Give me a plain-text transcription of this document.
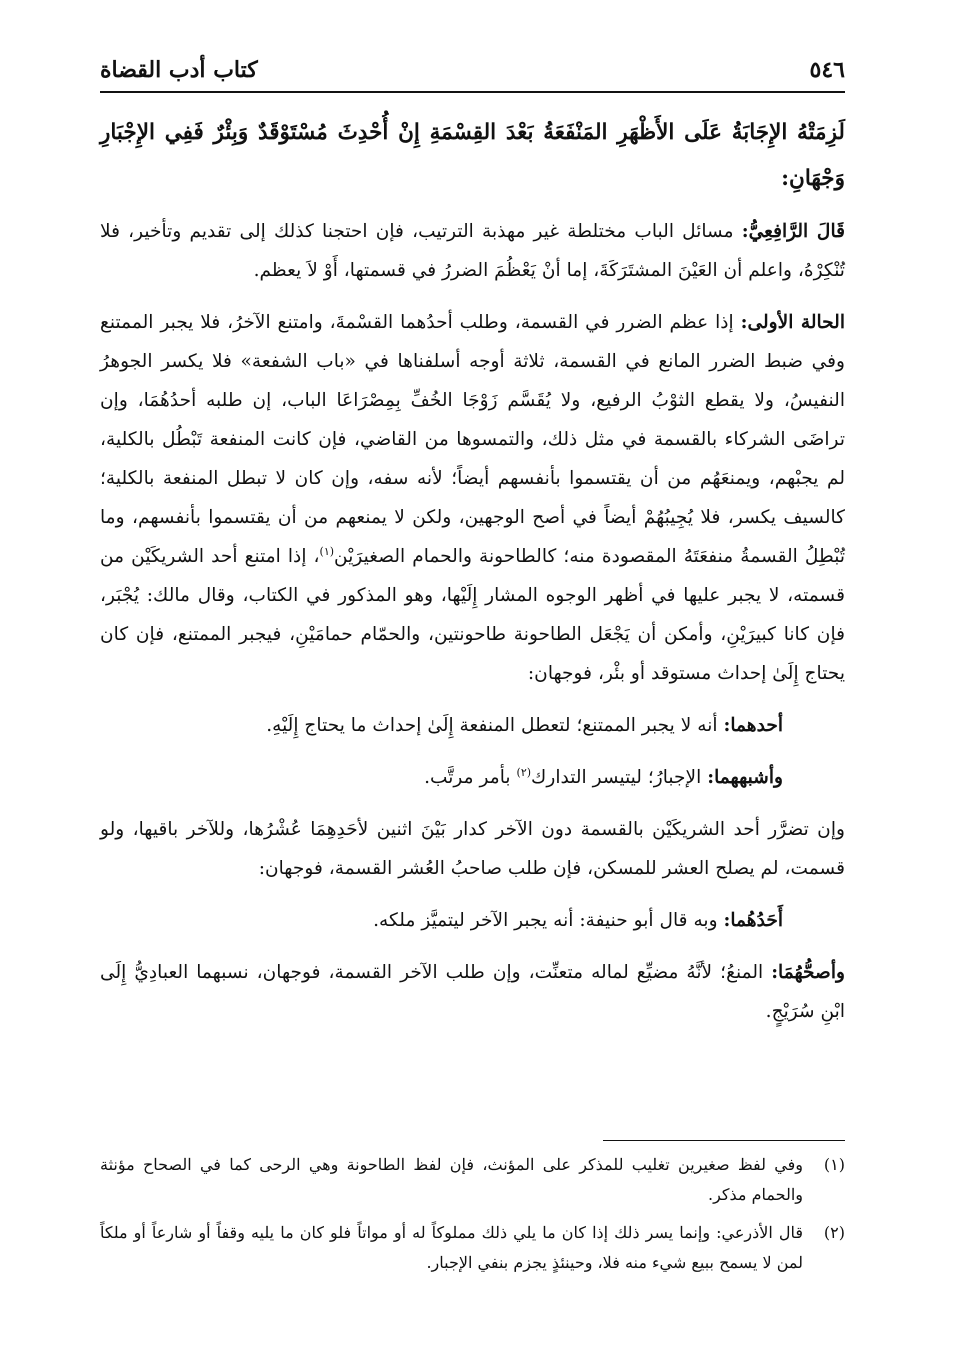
٥٤٦
كتاب أدب القضاة

لَزِمَتْهُ الإِجَابَةُ عَلَى الأَظْهَرِ المَنْفَعَةُ بَعْدَ القِسْمَةِ إِنْ أُحْدِثَ مُسْتَوْقَدٌ وَبِئْرٌ فَفِي الإِجْبَارِ وَجْهَانِ:

قَالَ الرَّافِعِيُّ: مسائل الباب مختلطة غير مهذبة الترتيب، فإن احتجنا كذلك إلى تقديم وتأخير، فلا تُنْكِرْهُ، واعلم أن العَيْنَ المشتَرَكَةَ، إما أنْ يَعْظُمَ الضررُ في قسمتها، أَوْ لاَ يعظم.

الحالة الأولى: إذا عظم الضرر في القسمة، وطلب أحدُهما القسْمةَ، وامتنع الآخرُ، فلا يجبر الممتنع وفي ضبط الضرر المانع في القسمة، ثلاثة أوجه أسلفناها في «باب الشفعة» فلا يكسر الجوهرُ النفيسُ، ولا يقطع الثوْبُ الرفيع، ولا يُقَسَّم زَوْجَا الخُفِّ بِمِصْرَاعَا الباب، إن طلبه أحدُهُمَا، وإن تراضَى الشركاء بالقسمة في مثل ذلك، والتمسوها من القاضي، فإن كانت المنفعة تَبْطُل بالكلية، لم يجبْهم، ويمنعَهُم من أن يقتسموا بأنفسهم أيضاً؛ لأنه سفه، وإن كان لا تبطل المنفعة بالكلية؛ كالسيف يكسر، فلا يُجِيبُهُمْ أيضاً في أصح الوجهين، ولكن لا يمنعهم من أن يقتسموا بأنفسهم، وما تُبْطِلُ القسمةُ منفعَتَهُ المقصودة منه؛ كالطاحونة والحمام الصغيرَيْن$^{(١)}$، إذا امتنع أحد الشريكَيْن من قسمته، لا يجبر عليها في أظهر الوجوه المشار إِلَيْها، وهو المذكور في الكتاب، وقال مالك: يُجْبَر، فإن كانا كبيرَيْنِ، وأمكن أن يَجْعَل الطاحونة طاحونتين، والحمّام حمامَيْنِ، فيجبر الممتنع، فإن كان يحتاج إِلَىٰ إحداث مستوقد أو بئْر، فوجهان:

أحدهما: أنه لا يجبر الممتنع؛ لتعطل المنفعة إِلَىٰ إحداث ما يحتاج إِلَيْهِ.

وأشبههما: الإجبارُ؛ ليتيسر التدارك$^{(٢)}$ بأمر مرتَّب.

وإن تضرَّر أحد الشريكَيْن بالقسمة دون الآخر كدار بَيْنَ اثنين لأحَدِهِمَا عُشْرُها، وللآخر باقيها، ولو قسمت، لم يصلح العشر للمسكن، فإن طلب صاحبُ العُشر القسمة، فوجهان:

أَحَدُهُما: وبه قال أبو حنيفة: أنه يجبر الآخر ليتميَّز ملكه.

وأصحُّهُمَا: المنعُ؛ لأنَّهُ مضيِّع لماله متعنِّت، وإن طلب الآخر القسمة، فوجهان، نسبهما العبادِيُّ إِلَى ابْنِ سُرَيْجٍ.

(١)
وفي لفظ صغيرين تغليب للمذكر على المؤنث، فإن لفظ الطاحونة وهي الرحى كما في الصحاح مؤنثة والحمام مذكر.
(٢)
قال الأذرعي: وإنما يسر ذلك إذا كان ما يلي ذلك مملوكاً له أو مواتاً فلو كان ما يليه وقفاً أو شارعاً أو ملكاً لمن لا يسمح ببيع شيء منه فلا، وحينئذٍ يجزم بنفي الإجبار.
